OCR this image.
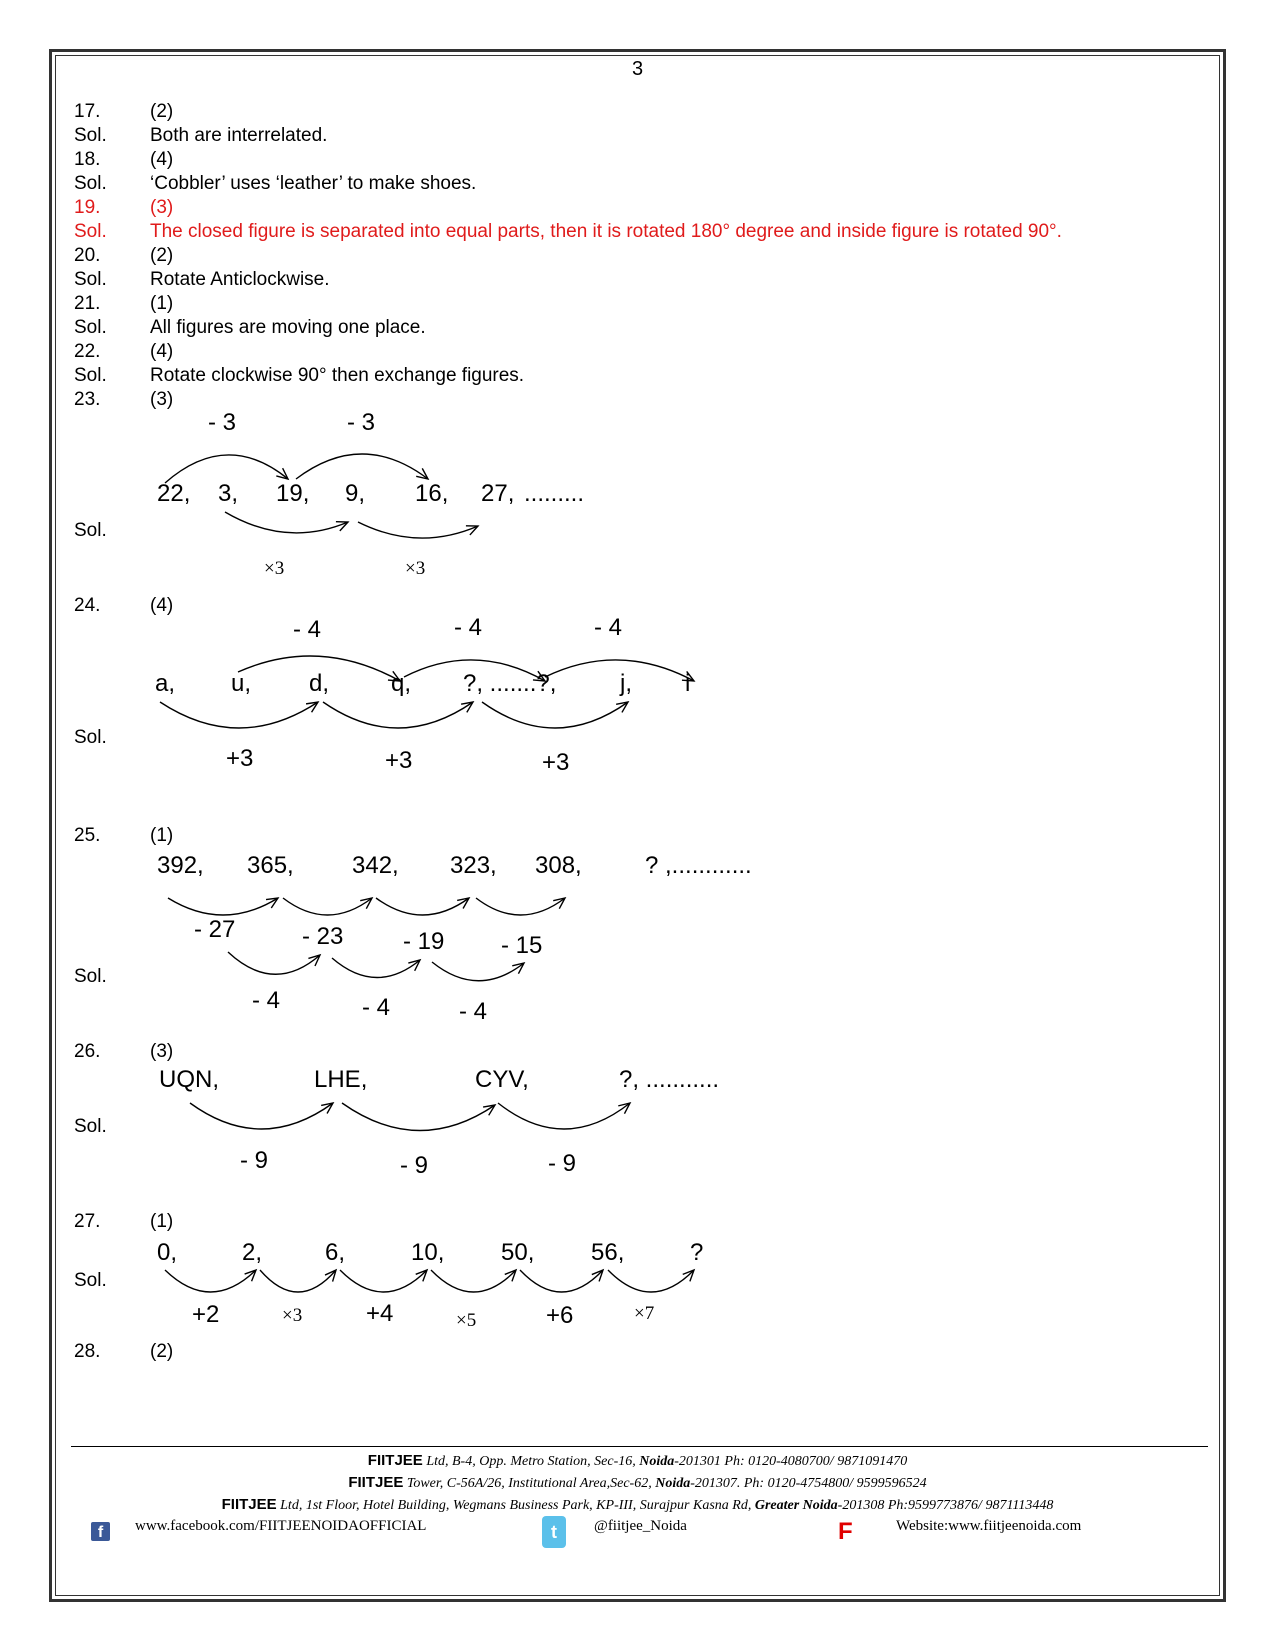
3
17.	(2)
Sol. Both are interrelated.
18.	(4)
Sol. ‘Cobbler’ uses ‘leather’ to make shoes.
19.	(3)
Sol. The closed figure is separated into equal parts, then it is rotated 180° degree and inside figure is rotated 90°.
20.	(2)
Sol. Rotate Anticlockwise.
21.	(1)
Sol. All figures are moving one place.
22.	(4)
Sol. Rotate clockwise 90° then exchange figures.
23.	(3)
Sol.
22, 3, 19, 9, 16, 27, .........
- 3	- 3
×3	×3
24.	(4)
Sol.
a, u, d,	q, ?, .......?,	j, i
- 4	- 4	- 4
+3	+3	+3
25.	(1)
Sol.
392, 365, 342, 323, 308,	? ,............
- 27	- 23 - 19 - 15
- 4	- 4	- 4
26.	(3)
Sol.
UQN,	LHE,	CYV,	?, ...........
- 9	- 9	- 9
27.	(1)
Sol.
0,	2,	6,	10, 50, 56,	?
+2	×3	+4	×5	+6	×7
28.	(2)
FIITJEE Ltd, B-4, Opp. Metro Station, Sec-16, Noida-201301 Ph: 0120-4080700/ 9871091470
FIITJEE Tower, C-56A/26, Institutional Area,Sec-62, Noida-201307. Ph: 0120-4754800/ 9599596524
FIITJEE Ltd, 1st Floor, Hotel Building, Wegmans Business Park, KP-III, Surajpur Kasna Rd, Greater Noida-201308 Ph:9599773876/ 9871113448
f	www.facebook.com/FIITJEENOIDAOFFICIAL	t	@fiitjee_Noida	F	Website:www.fiitjeenoida.com
